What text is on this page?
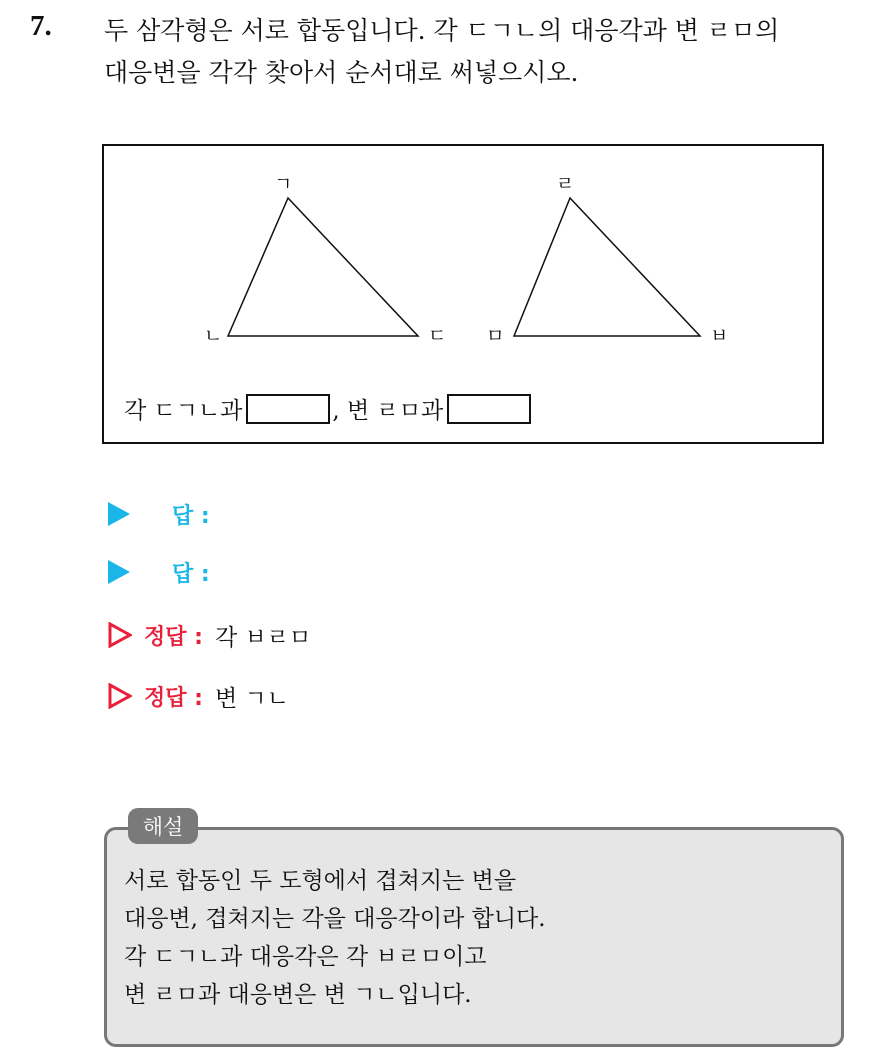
7. 두 삼각형은 서로 합동입니다. 각 ㄷㄱㄴ의 대응각과 변 ㄹㅁ의
대응변을 각각 찾아서 순서대로 써넣으시오.
ㄱ
ㄴ	ㄷ
ㄹ
ㅁ	ㅂ
각 ㄷㄱㄴ과	, 변 ㄹㅁ과
답 :
답 :
정답 : 각 ㅂㄹㅁ
정답 : 변 ㄱㄴ
해설
서로 합동인 두 도형에서 겹쳐지는 변을
대응변, 겹쳐지는 각을 대응각이라 합니다.
각 ㄷㄱㄴ과 대응각은 각 ㅂㄹㅁ이고
변 ㄹㅁ과 대응변은 변 ㄱㄴ입니다.
